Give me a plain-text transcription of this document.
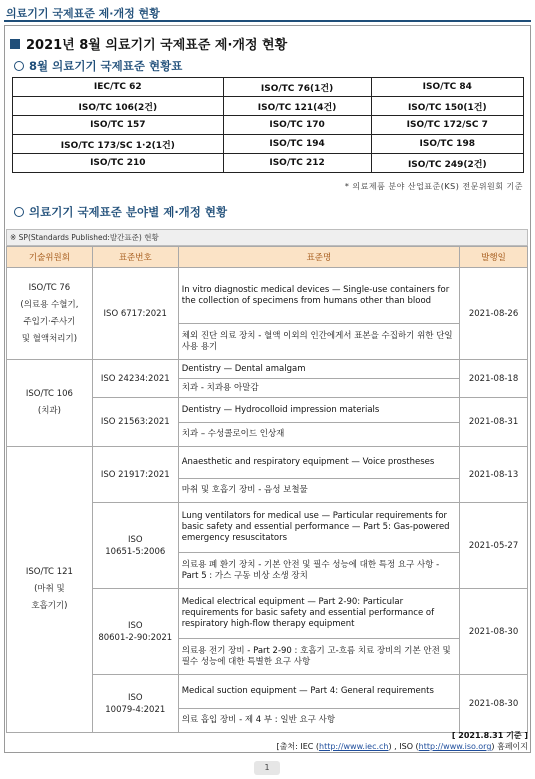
의료기기 국제표준 제·개정 현황
2021년 8월 의료기기 국제표준 제·개정 현황
8월 의료기기 국제표준 현황표
IEC/TC 62	ISO/TC 76(1건)	ISO/TC 84
ISO/TC 106(2건)	ISO/TC 121(4건)	ISO/TC 150(1건)
ISO/TC 157	ISO/TC 170	ISO/TC 172/SC 7
ISO/TC 173/SC 1·2(1건)	ISO/TC 194	ISO/TC 198
ISO/TC 210	ISO/TC 212	ISO/TC 249(2건)
* 의료제품 분야 산업표준(KS) 전문위원회 기준
의료기기 국제표준 분야별 제·개정 현황
※ SP(Standards Published:발간표준) 현황
기술위원회	표준번호	표준명	발행일

ISO/TC 76
(의료용 수혈기,
주입기·주사기
및 혈액처리기)	ISO 6717:2021	In vitro diagnostic medical devices — Single-use containers for the collection of specimens from humans other than blood	2021-08-26
		체외 진단 의료 장치 - 혈액 이외의 인간에게서 표본을 수집하기 위한 단일 사용 용기	

ISO/TC 106
(치과)	ISO 24234:2021	Dentistry — Dental amalgam	2021-08-18
		치과 - 치과용 아말감	

	ISO 21563:2021	Dentistry — Hydrocolloid impression materials	2021-08-31
		치과 – 수성콜로이드 인상재	

ISO/TC 121
(마취 및
호흡기기)	ISO 21917:2021	Anaesthetic and respiratory equipment — Voice prostheses	2021-08-13
		마취 및 호흡기 장비 - 음성 보철물	

	ISO
10651-5:2006	Lung ventilators for medical use — Particular requirements for basic safety and essential performance — Part 5: Gas-powered emergency resuscitators	2021-05-27
		의료용 폐 환기 장치 - 기본 안전 및 필수 성능에 대한 특정 요구 사항 - Part 5 : 가스 구동 비상 소생 장치	

	ISO
80601-2-90:2021	Medical electrical equipment — Part 2-90: Particular requirements for basic safety and essential performance of respiratory high-flow therapy equipment	2021-08-30
		의료용 전기 장비 - Part 2-90 : 호흡기 고-흐름 치료 장비의 기본 안전 및 필수 성능에 대한 특별한 요구 사항	

	ISO
10079-4:2021	Medical suction equipment — Part 4: General requirements	2021-08-30
		의료 흡입 장비 - 제 4 부 : 일반 요구 사항	
[ 2021.8.31 기준 ]
[출처: IEC (http://www.iec.ch) , ISO (http://www.iso.org) 홈페이지
1
